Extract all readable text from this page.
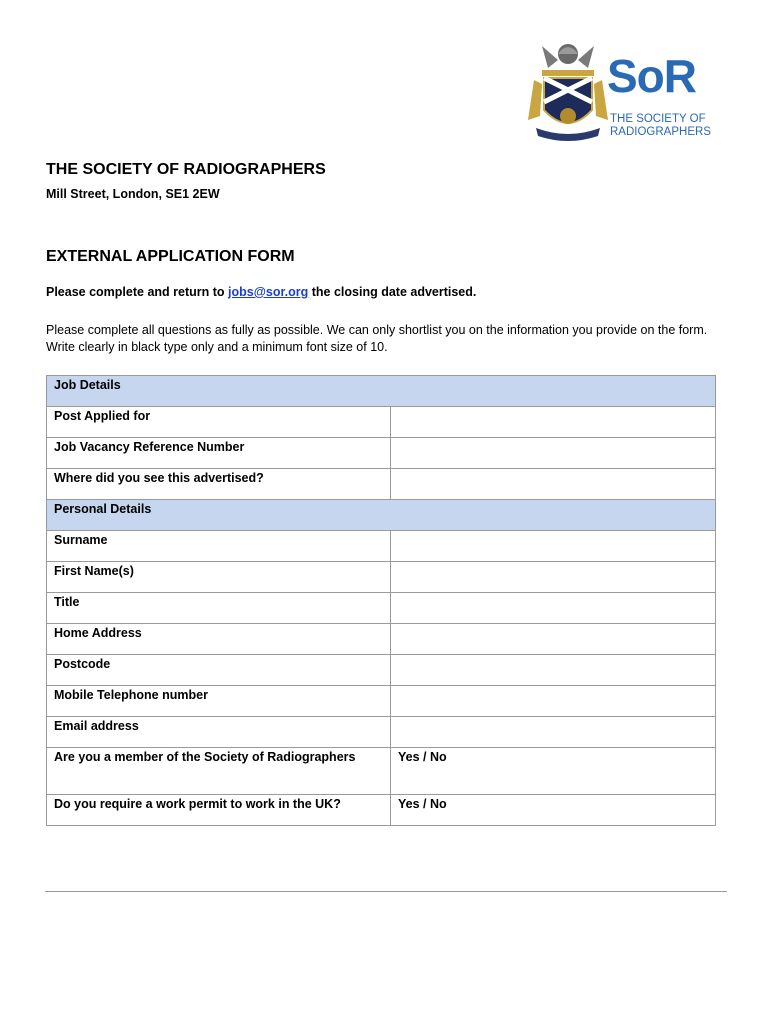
SoR
THE SOCIETY OF
RADIOGRAPHERS
THE SOCIETY OF RADIOGRAPHERS
Mill Street, London, SE1 2EW
EXTERNAL APPLICATION FORM
Please complete and return to jobs@sor.org the closing date advertised.
Please complete all questions as fully as possible. We can only shortlist you on the information you provide on the form. Write clearly in black type only and a minimum font size of 10.
Job Details	
Post Applied for	
Job Vacancy Reference Number	
Where did you see this advertised?	
Personal Details	
Surname	
First Name(s)	
Title	
Home Address	
Postcode	
Mobile Telephone number	
Email address	
Are you a member of the Society of Radiographers	Yes / No
Do you require a work permit to work in the UK?	Yes / No
